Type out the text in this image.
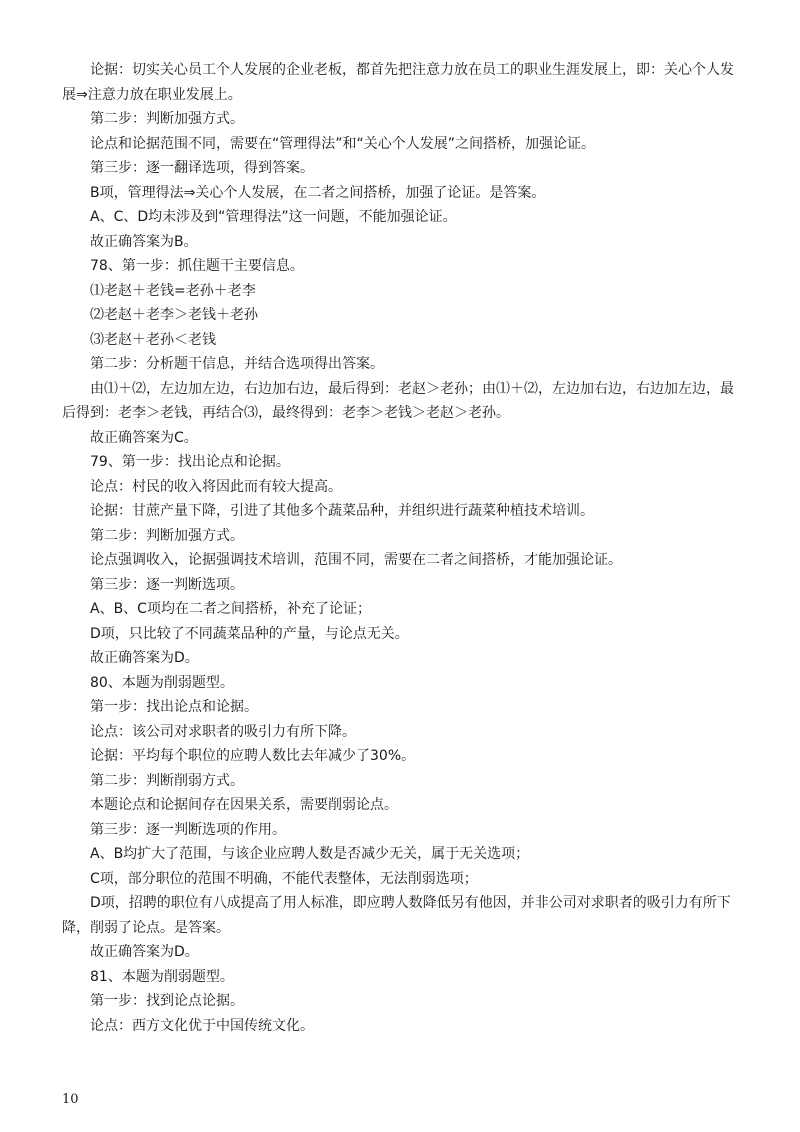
论据：切实关心员工个人发展的企业老板，都首先把注意力放在员工的职业生涯发展上，即：关心个人发展⇒注意力放在职业发展上。
第二步：判断加强方式。
论点和论据范围不同，需要在“管理得法”和“关心个人发展”之间搭桥，加强论证。
第三步：逐一翻译选项，得到答案。
B项，管理得法⇒关心个人发展，在二者之间搭桥，加强了论证。是答案。
A、C、D均未涉及到“管理得法”这一问题，不能加强论证。
故正确答案为B。
78、第一步：抓住题干主要信息。
⑴老赵＋老钱=老孙＋老李
⑵老赵＋老李＞老钱＋老孙
⑶老赵＋老孙＜老钱
第二步：分析题干信息，并结合选项得出答案。
由⑴＋⑵，左边加左边，右边加右边，最后得到：老赵＞老孙；由⑴＋⑵，左边加右边，右边加左边，最后得到：老李＞老钱，再结合⑶，最终得到：老李＞老钱＞老赵＞老孙。
故正确答案为C。
79、第一步：找出论点和论据。
论点：村民的收入将因此而有较大提高。
论据：甘蔗产量下降，引进了其他多个蔬菜品种，并组织进行蔬菜种植技术培训。
第二步：判断加强方式。
论点强调收入，论据强调技术培训，范围不同，需要在二者之间搭桥，才能加强论证。
第三步：逐一判断选项。
A、B、C项均在二者之间搭桥，补充了论证；
D项，只比较了不同蔬菜品种的产量，与论点无关。
故正确答案为D。
80、本题为削弱题型。
第一步：找出论点和论据。
论点：该公司对求职者的吸引力有所下降。
论据：平均每个职位的应聘人数比去年减少了30%。
第二步：判断削弱方式。
本题论点和论据间存在因果关系，需要削弱论点。
第三步：逐一判断选项的作用。
A、B均扩大了范围，与该企业应聘人数是否减少无关，属于无关选项；
C项，部分职位的范围不明确，不能代表整体，无法削弱选项；
D项，招聘的职位有八成提高了用人标准，即应聘人数降低另有他因，并非公司对求职者的吸引力有所下降，削弱了论点。是答案。
故正确答案为D。
81、本题为削弱题型。
第一步：找到论点论据。
论点：西方文化优于中国传统文化。
10
